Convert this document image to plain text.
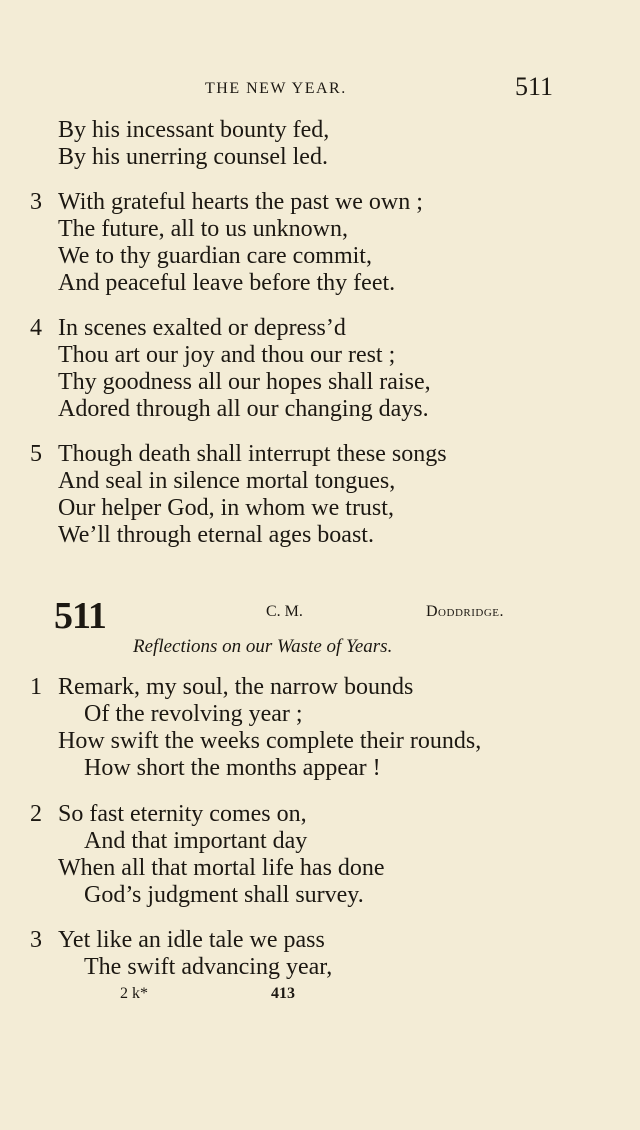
THE NEW YEAR.	511
By his incessant bounty fed,
By his unerring counsel led.
3 With grateful hearts the past we own ;
The future, all to us unknown,
We to thy guardian care commit,
And peaceful leave before thy feet.
4 In scenes exalted or depress’d
Thou art our joy and thou our rest ;
Thy goodness all our hopes shall raise,
Adored through all our changing days.
5 Though death shall interrupt these songs
And seal in silence mortal tongues,
Our helper God, in whom we trust,
We’ll through eternal ages boast.
511	C. M.	Doddridge.
Reflections on our Waste of Years.
1 Remark, my soul, the narrow bounds
Of the revolving year ;
How swift the weeks complete their rounds,
How short the months appear !
2 So fast eternity comes on,
And that important day
When all that mortal life has done
God’s judgment shall survey.
3 Yet like an idle tale we pass
The swift advancing year,
2 k*	413
